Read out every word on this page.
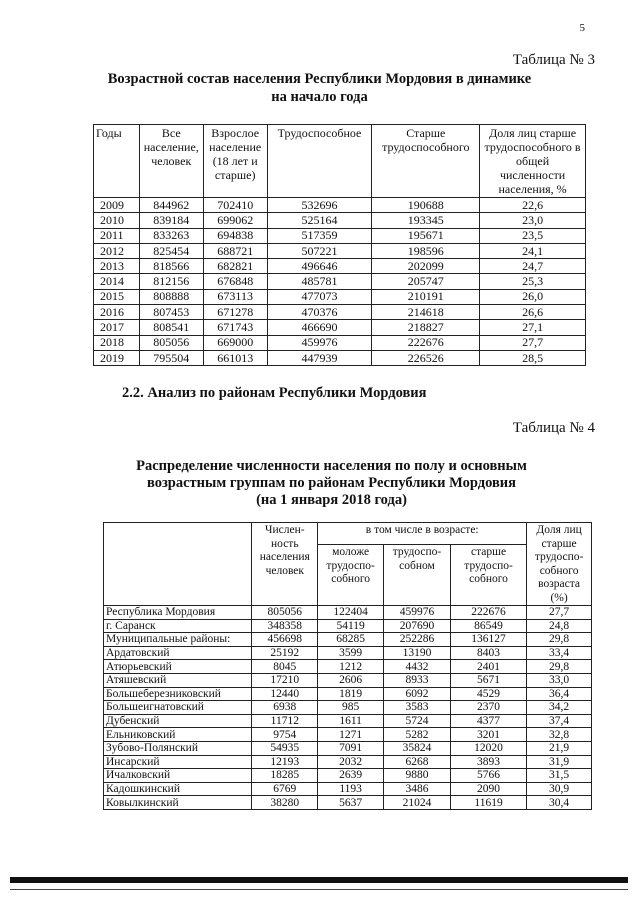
5
Таблица № 3
Возрастной состав населения Республики Мордовия в динамике
на начало года
Годы	Все население, человек	Взрослое население (18 лет и старше)	Трудоспособное	Старше трудоспособного	Доля лиц старше трудоспособного в общей численности населения, %
2009	844962	702410	532696	190688	22,6
2010	839184	699062	525164	193345	23,0
2011	833263	694838	517359	195671	23,5
2012	825454	688721	507221	198596	24,1
2013	818566	682821	496646	202099	24,7
2014	812156	676848	485781	205747	25,3
2015	808888	673113	477073	210191	26,0
2016	807453	671278	470376	214618	26,6
2017	808541	671743	466690	218827	27,1
2018	805056	669000	459976	222676	27,7
2019	795504	661013	447939	226526	28,5
2.2. Анализ по районам Республики Мордовия
Таблица № 4
Распределение численности населения по полу и основным
возрастным группам по районам Республики Мордовия
(на 1 января 2018 года)
	Числен-ность населения человек	в том числе в возрасте:			Доля лиц старше трудоспо-собного возраста (%)
		моложе трудоспо-собного	трудоспо-собном	старше трудоспо-собного	
Республика Мордовия	805056	122404	459976	222676	27,7
г. Саранск	348358	54119	207690	86549	24,8
Муниципальные районы:	456698	68285	252286	136127	29,8
Ардатовский	25192	3599	13190	8403	33,4
Атюрьевский	8045	1212	4432	2401	29,8
Атяшевский	17210	2606	8933	5671	33,0
Большеберезниковский	12440	1819	6092	4529	36,4
Большеигнатовский	6938	985	3583	2370	34,2
Дубенский	11712	1611	5724	4377	37,4
Ельниковский	9754	1271	5282	3201	32,8
Зубово-Полянский	54935	7091	35824	12020	21,9
Инсарский	12193	2032	6268	3893	31,9
Ичалковский	18285	2639	9880	5766	31,5
Кадошкинский	6769	1193	3486	2090	30,9
Ковылкинский	38280	5637	21024	11619	30,4
